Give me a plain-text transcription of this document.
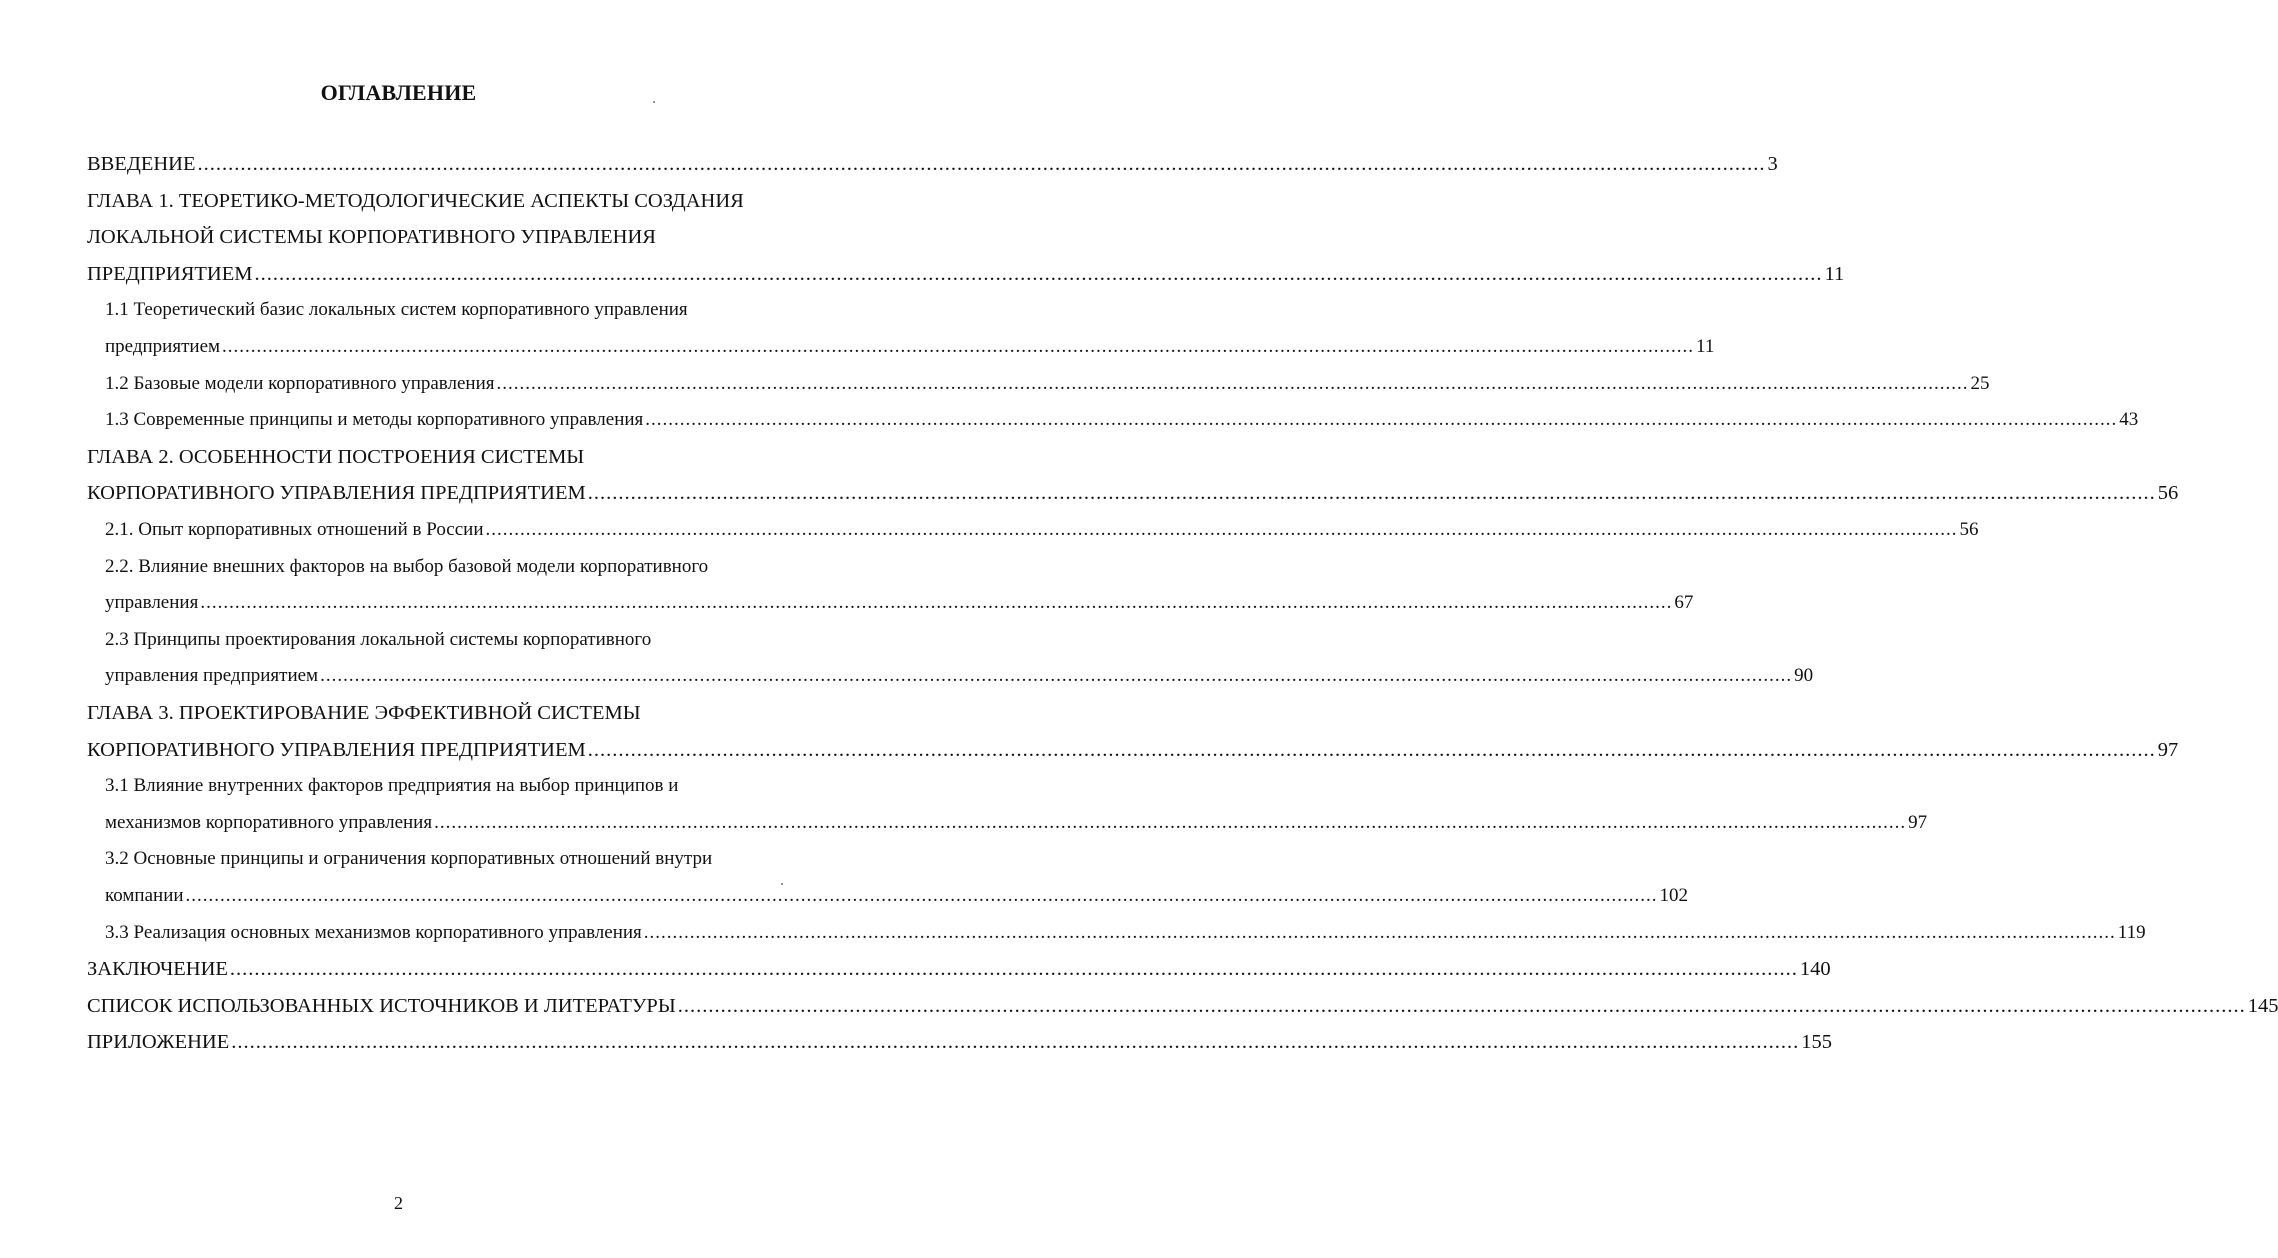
ОГЛАВЛЕНИЕ
ВВЕДЕНИЕ .....	3
ГЛАВА 1. ТЕОРЕТИКО-МЕТОДОЛОГИЧЕСКИЕ АСПЕКТЫ СОЗДАНИЯ
ЛОКАЛЬНОЙ СИСТЕМЫ КОРПОРАТИВНОГО УПРАВЛЕНИЯ
ПРЕДПРИЯТИЕМ .....	11
1.1 Теоретический базис локальных систем корпоративного управления
предприятием .....	11
1.2 Базовые модели корпоративного управления .....	25
1.3 Современные принципы и методы корпоративного управления .....	43
ГЛАВА 2. ОСОБЕННОСТИ ПОСТРОЕНИЯ СИСТЕМЫ
КОРПОРАТИВНОГО УПРАВЛЕНИЯ ПРЕДПРИЯТИЕМ .....	56
2.1. Опыт корпоративных отношений в России .....	56
2.2. Влияние внешних факторов на выбор базовой модели корпоративного
управления .....	67
2.3 Принципы проектирования локальной системы корпоративного
управления предприятием .....	90
ГЛАВА 3. ПРОЕКТИРОВАНИЕ ЭФФЕКТИВНОЙ СИСТЕМЫ
КОРПОРАТИВНОГО УПРАВЛЕНИЯ ПРЕДПРИЯТИЕМ .....	97
3.1 Влияние внутренних факторов предприятия на выбор принципов и
механизмов корпоративного управления .....	97
3.2 Основные принципы и ограничения корпоративных отношений внутри
компании .....	102
3.3 Реализация основных механизмов корпоративного управления .....	119
ЗАКЛЮЧЕНИЕ .....	140
СПИСОК ИСПОЛЬЗОВАННЫХ ИСТОЧНИКОВ И ЛИТЕРАТУРЫ .....	145
ПРИЛОЖЕНИЕ .....	155
2
